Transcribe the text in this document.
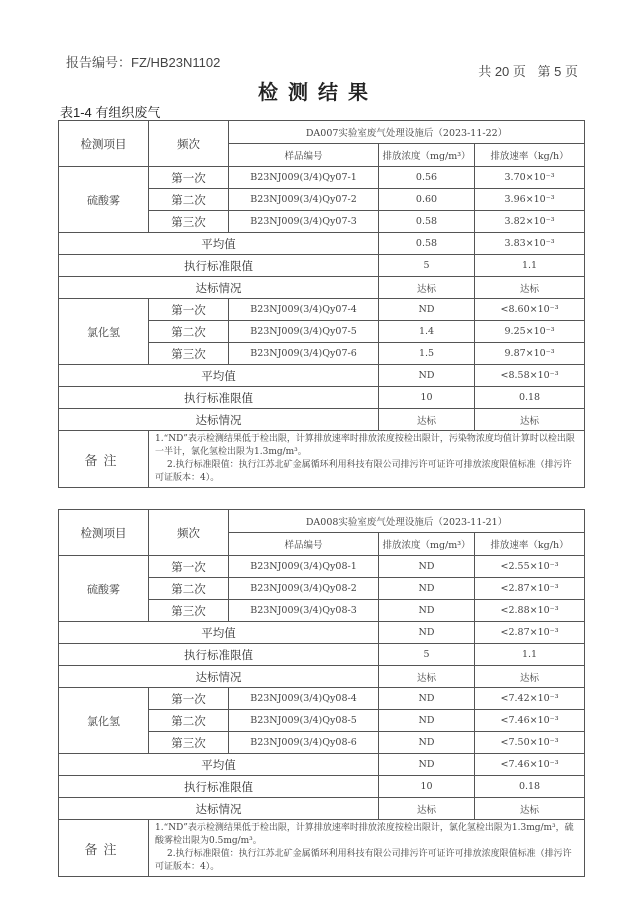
报告编号：FZ/HB23N1102
共 20 页 第 5 页
检测结果
表1-4 有组织废气
检测项目	频次	DA007实验室废气处理设施后（2023-11-22）		
		样品编号	排放浓度（mg/m³）	排放速率（kg/h）
硫酸雾	第一次	B23NJ009(3/4)Qy07-1	0.56	3.70×10⁻³
	第二次	B23NJ009(3/4)Qy07-2	0.60	3.96×10⁻³
	第三次	B23NJ009(3/4)Qy07-3	0.58	3.82×10⁻³
平均值			0.58	3.83×10⁻³
执行标准限值			5	1.1
达标情况			达标	达标
氯化氢	第一次	B23NJ009(3/4)Qy07-4	ND	<8.60×10⁻³
	第二次	B23NJ009(3/4)Qy07-5	1.4	9.25×10⁻³
	第三次	B23NJ009(3/4)Qy07-6	1.5	9.87×10⁻³
平均值			ND	<8.58×10⁻³
执行标准限值			10	0.18
达标情况			达标	达标
备注	1.“ND”表示检测结果低于检出限，计算排放速率时排放浓度按检出限计，污染物浓度均值计算时以检出限一半计，氯化氢检出限为1.3mg/m³。
2.执行标准限值：执行江苏北矿金属循环利用科技有限公司排污许可证许可排放浓度限值标准（排污许可证版本：4）。			
检测项目	频次	DA008实验室废气处理设施后（2023-11-21）		
		样品编号	排放浓度（mg/m³）	排放速率（kg/h）
硫酸雾	第一次	B23NJ009(3/4)Qy08-1	ND	<2.55×10⁻³
	第二次	B23NJ009(3/4)Qy08-2	ND	<2.87×10⁻³
	第三次	B23NJ009(3/4)Qy08-3	ND	<2.88×10⁻³
平均值			ND	<2.87×10⁻³
执行标准限值			5	1.1
达标情况			达标	达标
氯化氢	第一次	B23NJ009(3/4)Qy08-4	ND	<7.42×10⁻³
	第二次	B23NJ009(3/4)Qy08-5	ND	<7.46×10⁻³
	第三次	B23NJ009(3/4)Qy08-6	ND	<7.50×10⁻³
平均值			ND	<7.46×10⁻³
执行标准限值			10	0.18
达标情况			达标	达标
备注	1.“ND”表示检测结果低于检出限，计算排放速率时排放浓度按检出限计，氯化氢检出限为1.3mg/m³，硫酸雾检出限为0.5mg/m³。
2.执行标准限值：执行江苏北矿金属循环利用科技有限公司排污许可证许可排放浓度限值标准（排污许可证版本：4）。			
